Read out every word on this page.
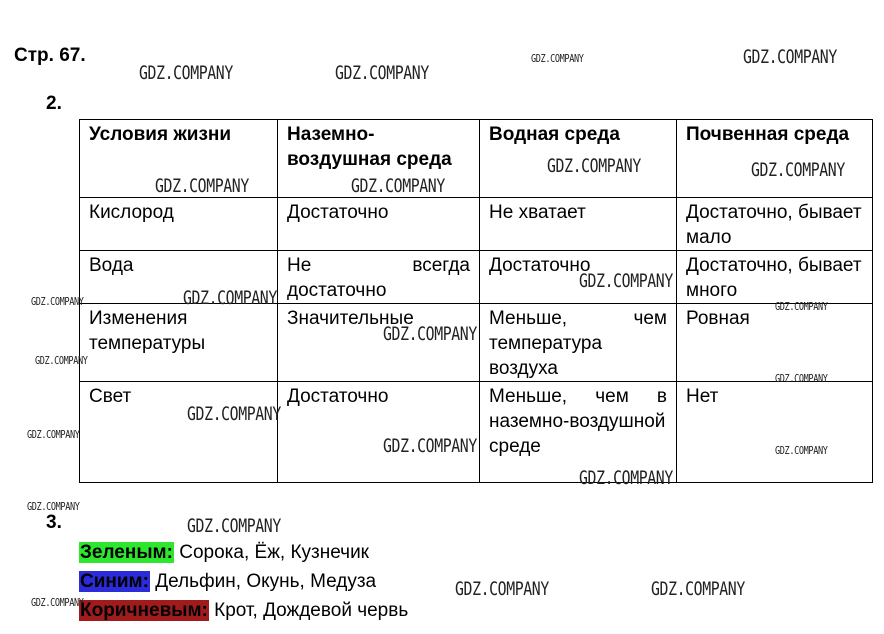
Стр. 67.
2.
Условия жизни	Наземно-воздушная среда	Водная среда	Почвенная среда
Кислород	Достаточно	Не хватает	Достаточно, бывает мало
Вода	Не всегда достаточно	Достаточно	Достаточно, бывает много
Изменения температуры	Значительные	Меньше, чем температура воздуха	Ровная
Свет	Достаточно	Меньше, чем в наземно-воздушной среде	Нет
3.
Зеленым: Сорока, Ёж, Кузнечик
Синим: Дельфин, Окунь, Медуза
Коричневым: Крот, Дождевой червь
GDZ.COMPANY	GDZ.COMPANY
GDZ.COMPANY	GDZ.COMPANY
GDZ.COMPANY	GDZ.COMPANY
GDZ.COMPANY	GDZ.COMPANY
GDZ.COMPANY
GDZ.COMPANY
GDZ.COMPANY	GDZ.COMPANY
GDZ.COMPANY
GDZ.COMPANY
GDZ.COMPANY
GDZ.COMPANY
GDZ.COMPANY
GDZ.COMPANY	GDZ.COMPANY
GDZ.COMPANY
GDZ.COMPANY
GDZ.COMPANY
GDZ.COMPANY	GDZ.COMPANY
GDZ.COMPANY
